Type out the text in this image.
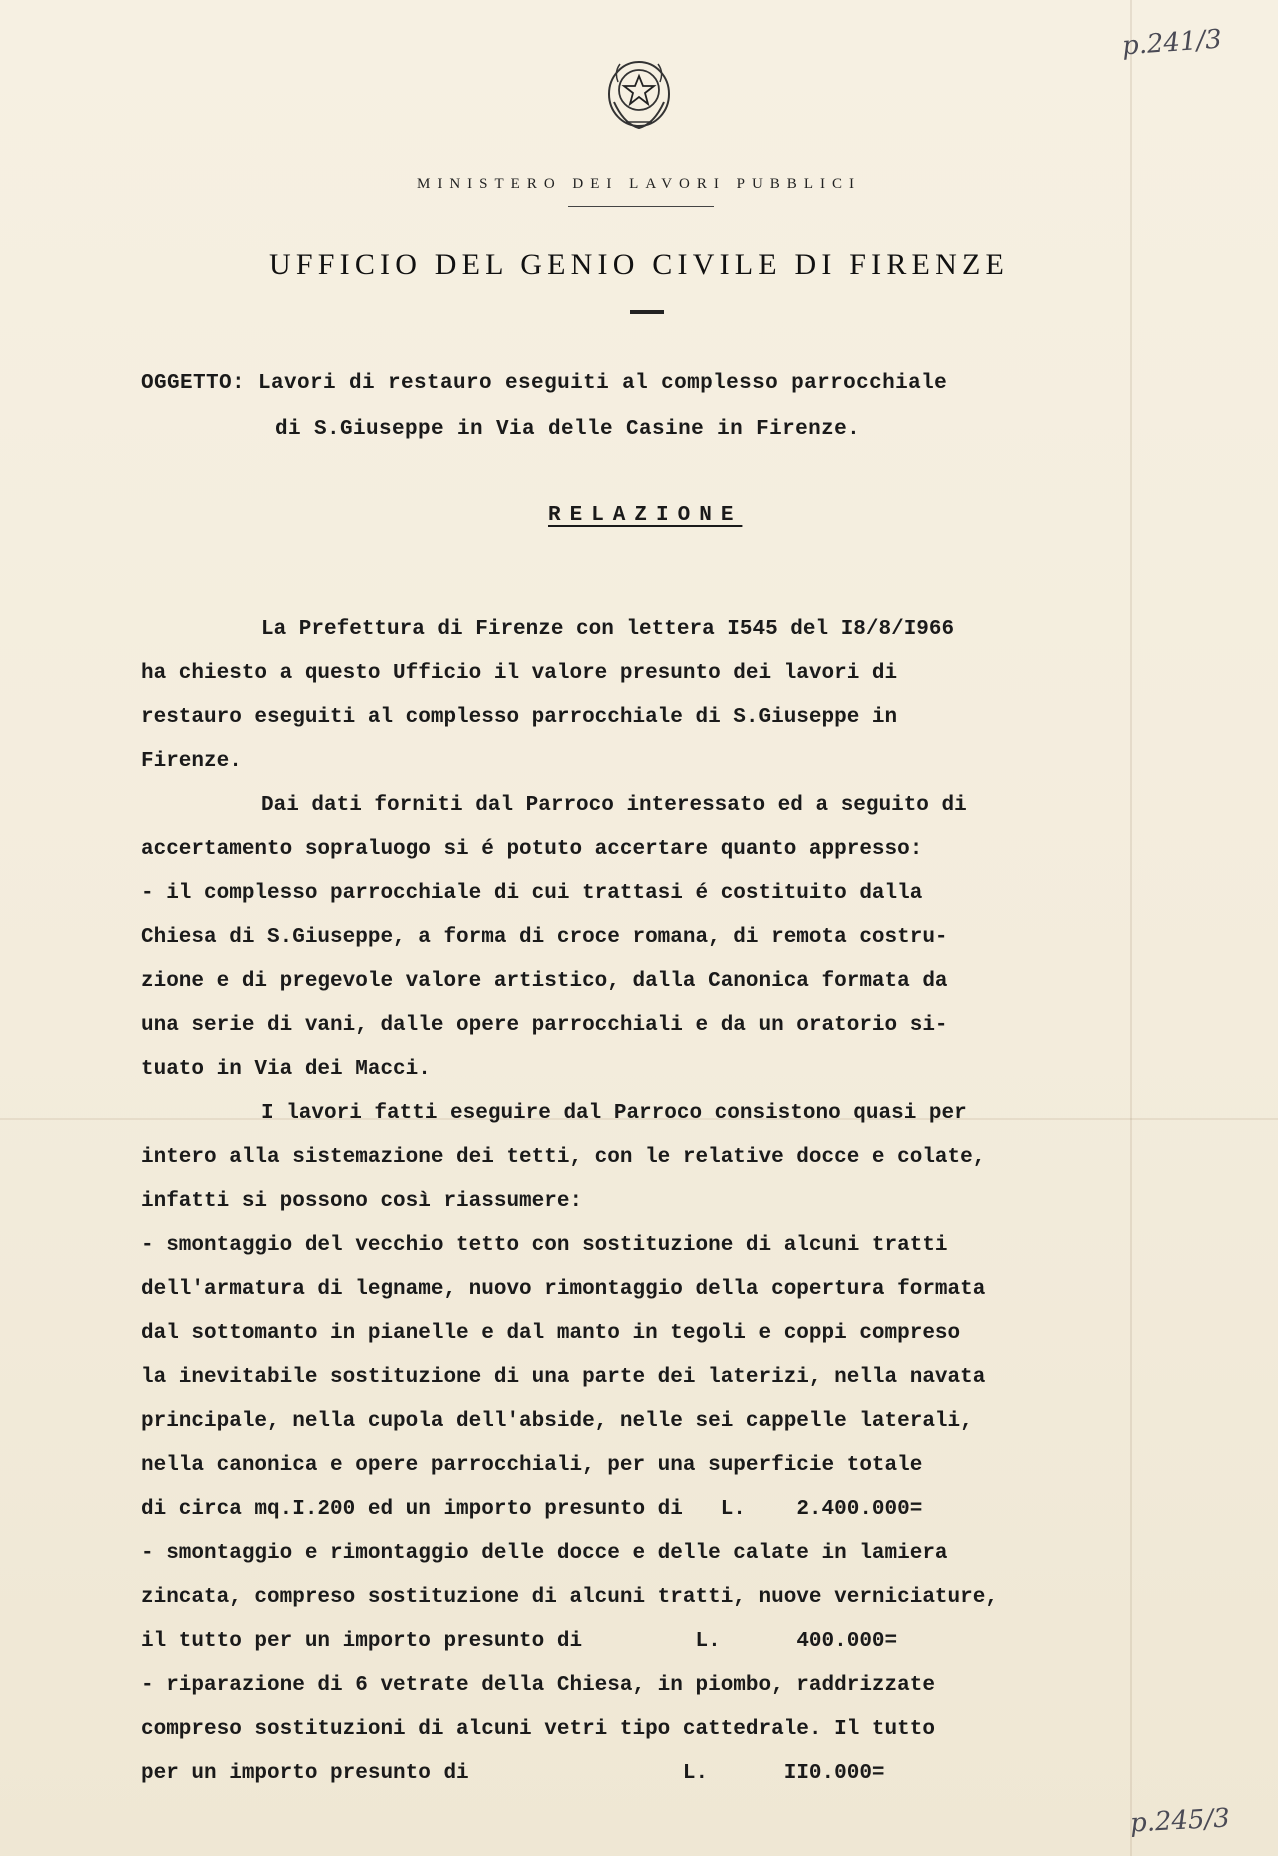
p.241/3
MINISTERO DEI LAVORI PUBBLICI
UFFICIO DEL GENIO CIVILE DI FIRENZE
OGGETTO: Lavori di restauro eseguiti al complesso parrocchiale
di S.Giuseppe in Via delle Casine in Firenze.
RELAZIONE
La Prefettura di Firenze con lettera I545 del I8/8/I966
ha chiesto a questo Ufficio il valore presunto dei lavori di
restauro eseguiti al complesso parrocchiale di S.Giuseppe in
Firenze.
Dai dati forniti dal Parroco interessato ed a seguito di
accertamento sopraluogo si é potuto accertare quanto appresso:
- il complesso parrocchiale di cui trattasi é costituito dalla
Chiesa di S.Giuseppe, a forma di croce romana, di remota costru-
zione e di pregevole valore artistico, dalla Canonica formata da
una serie di vani, dalle opere parrocchiali e da un oratorio si-
tuato in Via dei Macci.
I lavori fatti eseguire dal Parroco consistono quasi per
intero alla sistemazione dei tetti, con le relative docce e colate,
infatti si possono così riassumere:
- smontaggio del vecchio tetto con sostituzione di alcuni tratti
dell'armatura di legname, nuovo rimontaggio della copertura formata
dal sottomanto in pianelle e dal manto in tegoli e coppi compreso
la inevitabile sostituzione di una parte dei laterizi, nella navata
principale, nella cupola dell'abside, nelle sei cappelle laterali,
nella canonica e opere parrocchiali, per una superficie totale
di circa mq.I.200 ed un importo presunto di L.    2.400.000=
- smontaggio e rimontaggio delle docce e delle calate in lamiera
zincata, compreso sostituzione di alcuni tratti, nuove verniciature,
il tutto per un importo presunto di	L.      400.000=
- riparazione di 6 vetrate della Chiesa, in piombo, raddrizzate
compreso sostituzioni di alcuni vetri tipo cattedrale. Il tutto
per un importo presunto di	L.      II0.000=
p.245/3
